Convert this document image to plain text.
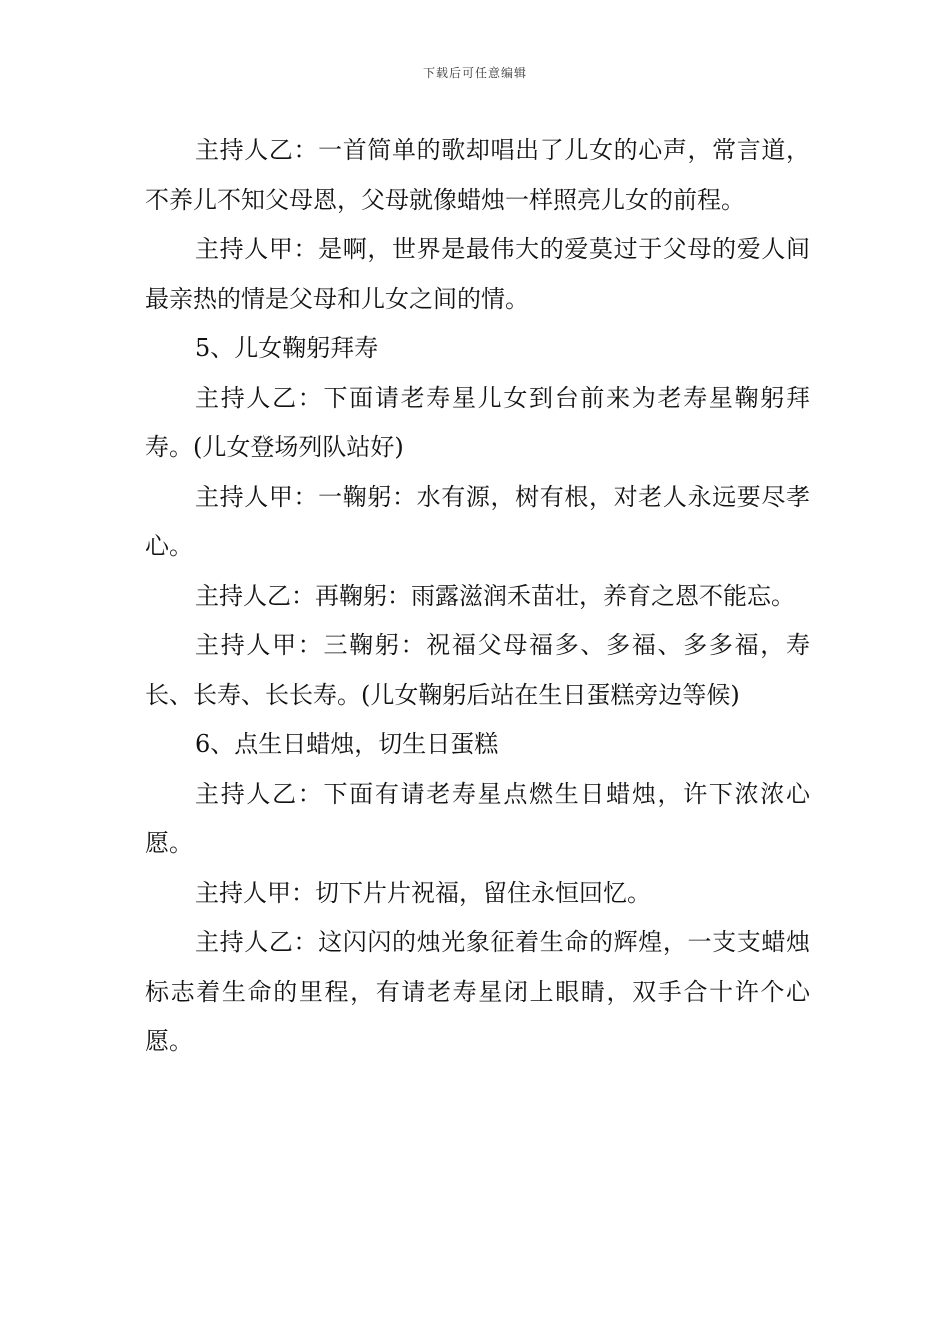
下载后可任意编辑

主持人乙：一首简单的歌却唱出了儿女的心声，常言道，不养儿不知父母恩，父母就像蜡烛一样照亮儿女的前程。

主持人甲：是啊，世界是最伟大的爱莫过于父母的爱人间最亲热的情是父母和儿女之间的情。

5、儿女鞠躬拜寿

主持人乙：下面请老寿星儿女到台前来为老寿星鞠躬拜寿。(儿女登场列队站好)

主持人甲：一鞠躬：水有源，树有根，对老人永远要尽孝心。

主持人乙：再鞠躬：雨露滋润禾苗壮，养育之恩不能忘。

主持人甲：三鞠躬：祝福父母福多、多福、多多福，寿长、长寿、长长寿。(儿女鞠躬后站在生日蛋糕旁边等候)

6、点生日蜡烛，切生日蛋糕

主持人乙：下面有请老寿星点燃生日蜡烛，许下浓浓心愿。

主持人甲：切下片片祝福，留住永恒回忆。

主持人乙：这闪闪的烛光象征着生命的辉煌，一支支蜡烛标志着生命的里程，有请老寿星闭上眼睛，双手合十许个心愿。
